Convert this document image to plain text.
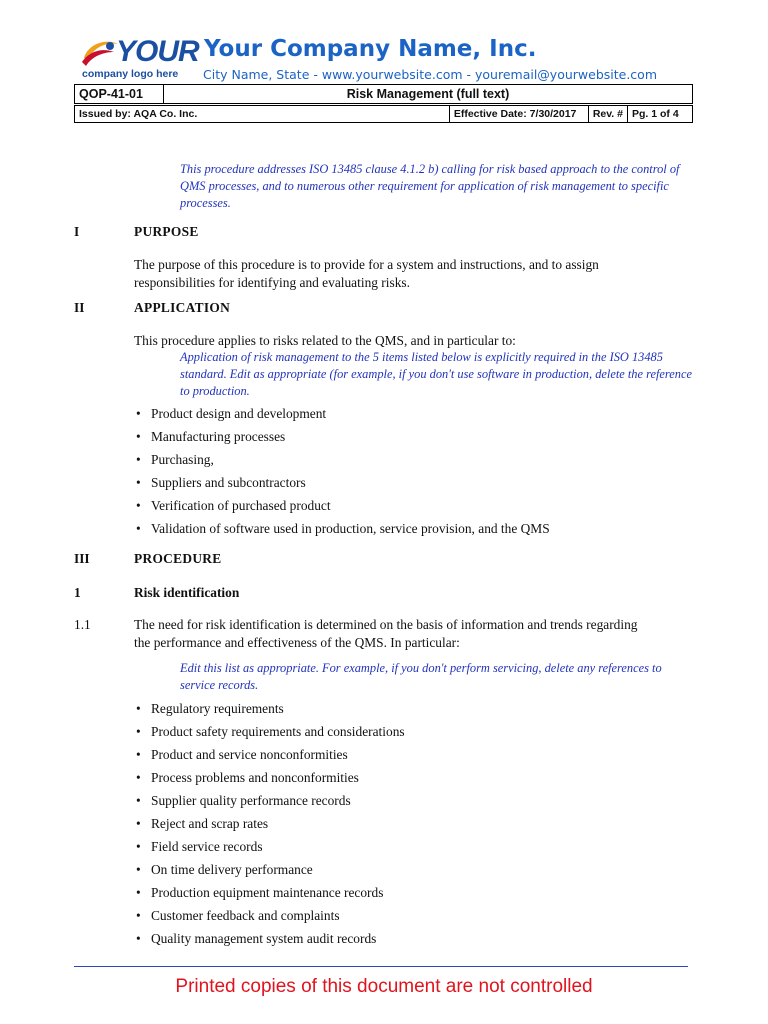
YOUR
company logo here
Your Company Name, Inc.
City Name, State - www.yourwebsite.com - youremail@yourwebsite.com
QOP-41-01	Risk Management (full text)
Issued by: AQA Co. Inc.	Effective Date: 7/30/2017	Rev. #	Pg. 1 of 4
This procedure addresses ISO 13485 clause 4.1.2 b) calling for risk based approach to the control of QMS processes, and to numerous other requirement for application of risk management to specific processes.
I	PURPOSE
The purpose of this procedure is to provide for a system and instructions, and to assign responsibilities for identifying and evaluating risks.
II	APPLICATION
This procedure applies to risks related to the QMS, and in particular to:
Application of risk management to the 5 items listed below is explicitly required in the ISO 13485 standard. Edit as appropriate (for example, if you don't use software in production, delete the reference to production.
• Product design and development
• Manufacturing processes
• Purchasing,
• Suppliers and subcontractors
• Verification of purchased product
• Validation of software used in production, service provision, and the QMS
III	PROCEDURE
1	Risk identification
1.1	The need for risk identification is determined on the basis of information and trends regarding the performance and effectiveness of the QMS. In particular:
Edit this list as appropriate. For example, if you don't perform servicing, delete any references to service records.
• Regulatory requirements
• Product safety requirements and considerations
• Product and service nonconformities
• Process problems and nonconformities
• Supplier quality performance records
• Reject and scrap rates
• Field service records
• On time delivery performance
• Production equipment maintenance records
• Customer feedback and complaints
• Quality management system audit records
Printed copies of this document are not controlled
